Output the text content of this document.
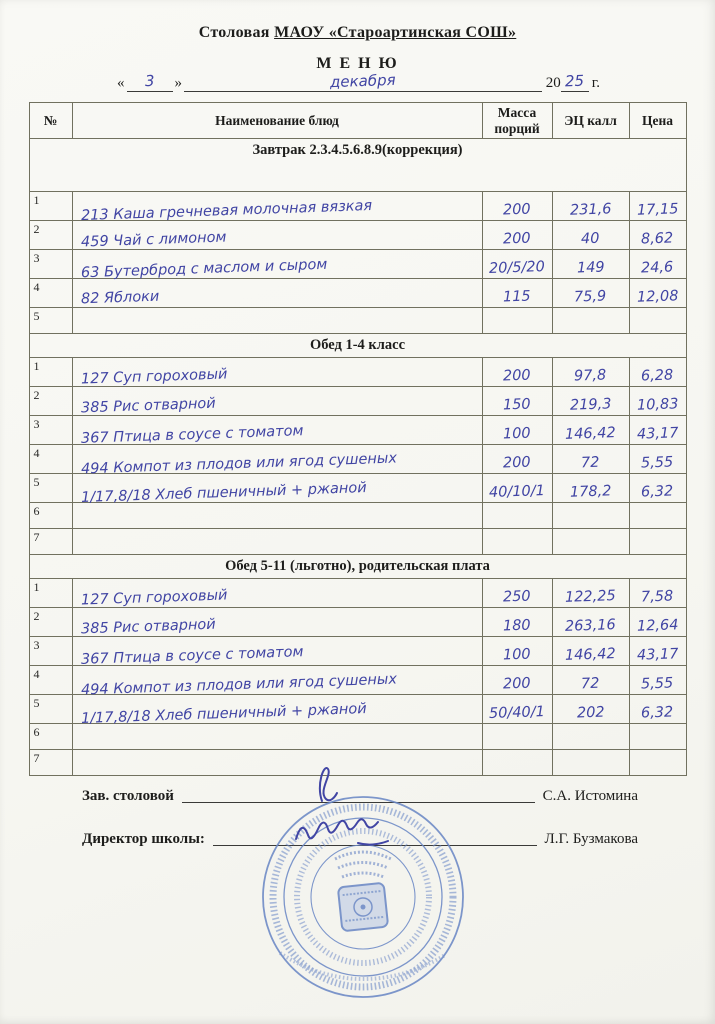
Столовая МАОУ «Староартинская СОШ»
М Е Н Ю
«	3	»	декабря	20 25 г.
№	Наименование блюд	Масса порций	ЭЦ калл	Цена
Завтрак 2.3.4.5.6.8.9(коррекция)				
1	213 Каша гречневая молочная вязкая	200	231,6	17,15
2	459 Чай с лимоном	200	40	8,62
3	63 Бутерброд с маслом и сыром	20/5/20	149	24,6
4	82 Яблоки	115	75,9	12,08
5				
Обед 1-4 класс				
1	127 Суп гороховый	200	97,8	6,28
2	385 Рис отварной	150	219,3	10,83
3	367 Птица в соусе с томатом	100	146,42	43,17
4	494 Компот из плодов или ягод сушеных	200	72	5,55
5	1/17,8/18 Хлеб пшеничный + ржаной	40/10/1	178,2	6,32
6				
7				
Обед 5-11 (льготно), родительская плата				
1	127 Суп гороховый	250	122,25	7,58
2	385 Рис отварной	180	263,16	12,64
3	367 Птица в соусе с томатом	100	146,42	43,17
4	494 Компот из плодов или ягод сушеных	200	72	5,55
5	1/17,8/18 Хлеб пшеничный + ржаной	50/40/1	202	6,32
6				
7				
Зав. столовой	С.А. Истомина
Директор школы:	Л.Г. Бузмакова
